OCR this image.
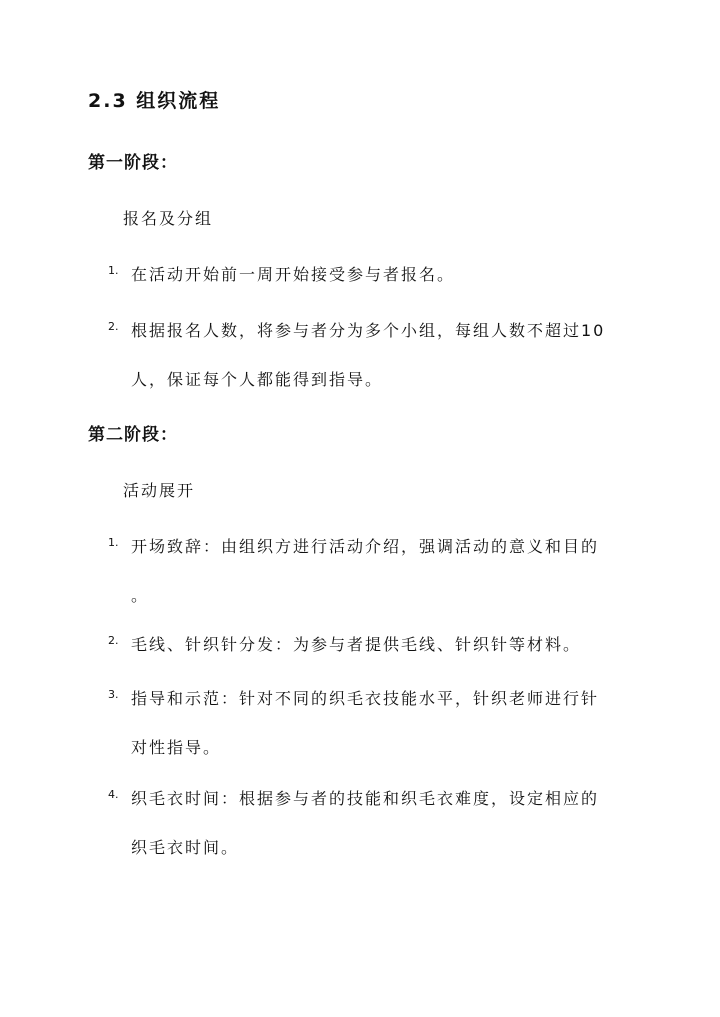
2.3 组织流程
第一阶段：
报名及分组
1. 在活动开始前一周开始接受参与者报名。
2. 根据报名人数，将参与者分为多个小组，每组人数不超过10
人，保证每个人都能得到指导。
第二阶段：
活动展开
1. 开场致辞：由组织方进行活动介绍，强调活动的意义和目的
。
2. 毛线、针织针分发：为参与者提供毛线、针织针等材料。
3. 指导和示范：针对不同的织毛衣技能水平，针织老师进行针
对性指导。
4. 织毛衣时间：根据参与者的技能和织毛衣难度，设定相应的
织毛衣时间。
